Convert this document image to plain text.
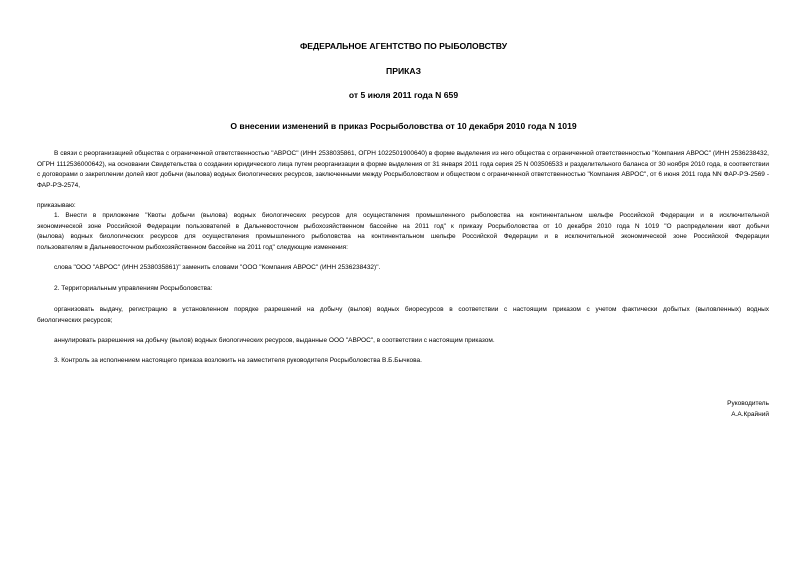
ФЕДЕРАЛЬНОЕ АГЕНТСТВО ПО РЫБОЛОВСТВУ
ПРИКАЗ
от 5 июля 2011 года N 659
О внесении изменений в приказ Росрыболовства от 10 декабря 2010 года N 1019

В связи с реорганизацией общества с ограниченной ответственностью "АВРОС" (ИНН 2538035861, ОГРН 1022501900640) в форме выделения из него общества с ограниченной ответственностью "Компания АВРОС" (ИНН 2536238432, ОГРН 1112536000642), на основании Свидетельства о создании юридического лица путем реорганизации в форме выделения от 31 января 2011 года серия 25 N 003506533 и разделительного баланса от 30 ноября 2010 года, в соответствии с договорами о закреплении долей квот добычи (вылова) водных биологических ресурсов, заключенными между Росрыболовством и обществом с ограниченной ответственностью "Компания АВРОС", от 6 июня 2011 года NN ФАР-РЭ-2569 - ФАР-РЭ-2574,

приказываю:

1. Внести в приложение "Квоты добычи (вылова) водных биологических ресурсов для осуществления промышленного рыболовства на континентальном шельфе Российской Федерации и в исключительной

экономической зоне Российской Федерации пользователей в Дальневосточном рыбохозяйственном бассейне на 2011 год" к приказу Росрыболовства от 10 декабря 2010 года N 1019 "О распределении квот добычи

(вылова) водных биологических ресурсов для осуществления промышленного рыболовства на континентальном шельфе Российской Федерации и в исключительной экономической зоне Российской Федерации

пользователям в Дальневосточном рыбохозяйственном бассейне на 2011 год" следующие изменения:

слова "ООО "АВРОС" (ИНН 2538035861)" заменить словами "ООО "Компания АВРОС" (ИНН 2536238432)".

2. Территориальным управлениям Росрыболовства:

организовать выдачу, регистрацию в установленном порядке разрешений на добычу (вылов) водных биоресурсов в соответствии с настоящим приказом с учетом фактически добытых (выловленных) водных

биологических ресурсов;

аннулировать разрешения на добычу (вылов) водных биологических ресурсов, выданные ООО "АВРОС", в соответствии с настоящим приказом.

3. Контроль за исполнением настоящего приказа возложить на заместителя руководителя Росрыболовства В.Б.Бычкова.

Руководитель
А.А.Крайний
